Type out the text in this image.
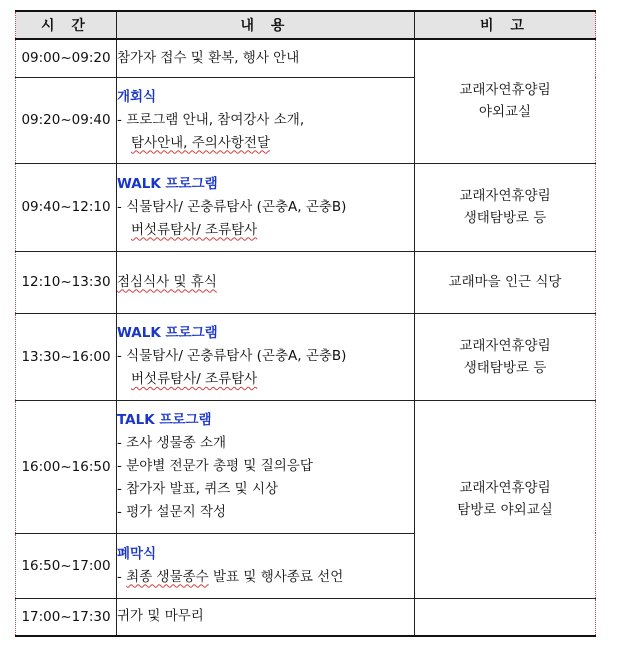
시 간	내 용	비 고
09:00~09:20	참가자 접수 및 환복, 행사 안내	교래자연휴양림
야외교실

09:20~09:40	개회식
- 프로그램 안내, 참여강사 소개,
탐사안내, 주의사항전달	

09:40~12:10	WALK 프로그램
- 식물탐사/ 곤충류탐사 (곤충A, 곤충B)
버섯류탐사/ 조류탐사	교래자연휴양림
생태탐방로 등

12:10~13:30	점심식사 및 휴식	교래마을 인근 식당

13:30~16:00	WALK 프로그램
- 식물탐사/ 곤충류탐사 (곤충A, 곤충B)
버섯류탐사/ 조류탐사	교래자연휴양림
생태탐방로 등

16:00~16:50	TALK 프로그램
- 조사 생물종 소개
- 분야별 전문가 총평 및 질의응답
- 참가자 발표, 퀴즈 및 시상
- 평가 설문지 작성	교래자연휴양림
탐방로 야외교실

16:50~17:00	폐막식
- 최종 생물종수 발표 및 행사종료 선언	

17:00~17:30	귀가 및 마무리	
